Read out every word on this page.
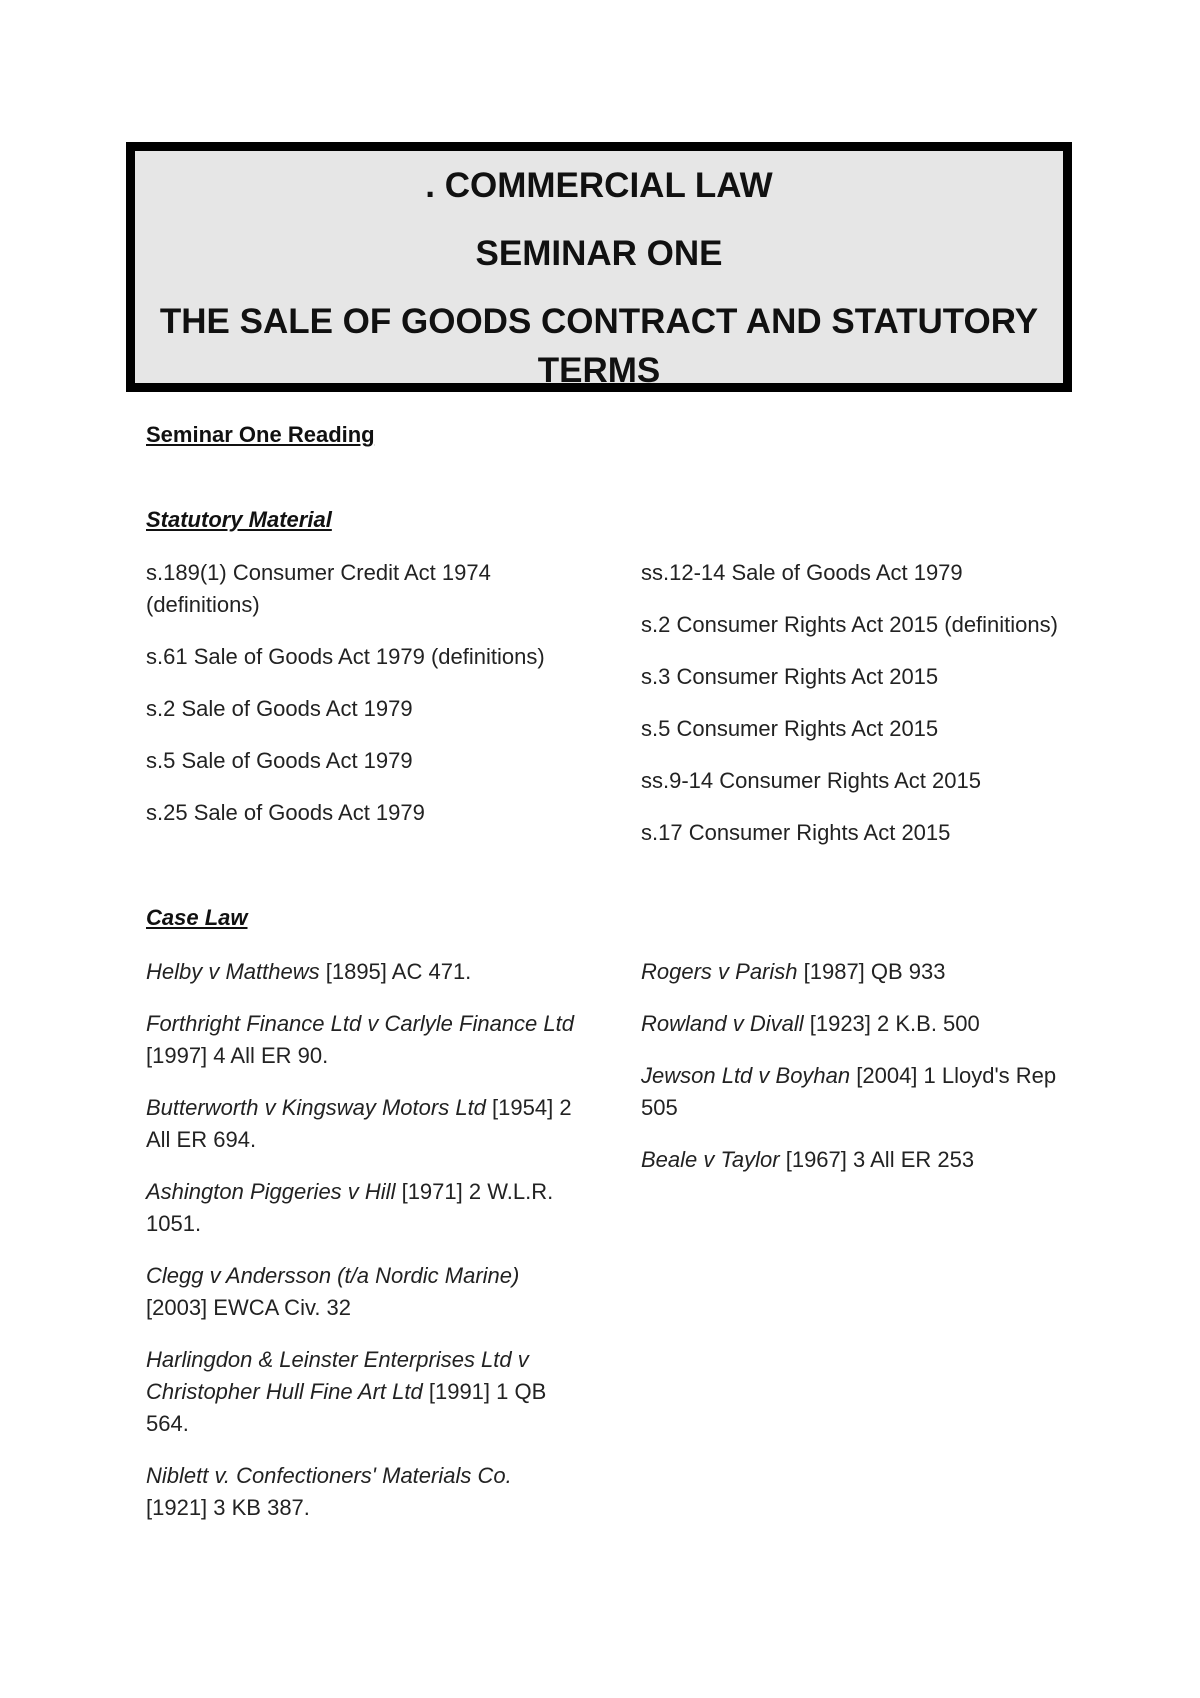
. COMMERCIAL LAW
SEMINAR ONE
THE SALE OF GOODS CONTRACT AND STATUTORY TERMS
Seminar One Reading
Statutory Material
s.189(1) Consumer Credit Act 1974 (definitions)
s.61 Sale of Goods Act 1979 (definitions)
s.2 Sale of Goods Act 1979
s.5 Sale of Goods Act 1979
s.25 Sale of Goods Act 1979
ss.12-14 Sale of Goods Act 1979
s.2 Consumer Rights Act 2015 (definitions)
s.3 Consumer Rights Act 2015
s.5 Consumer Rights Act 2015
ss.9-14 Consumer Rights Act 2015
s.17 Consumer Rights Act 2015
Case Law
Helby v Matthews [1895] AC 471.
Forthright Finance Ltd v Carlyle Finance Ltd [1997] 4 All ER 90.
Butterworth v Kingsway Motors Ltd [1954] 2 All ER 694.
Ashington Piggeries v Hill [1971] 2 W.L.R. 1051.
Clegg v Andersson (t/a Nordic Marine) [2003] EWCA Civ. 32
Harlingdon & Leinster Enterprises Ltd v Christopher Hull Fine Art Ltd [1991] 1 QB 564.
Niblett v. Confectioners' Materials Co. [1921] 3 KB 387.
Rogers v Parish [1987] QB 933
Rowland v Divall [1923] 2 K.B. 500
Jewson Ltd v Boyhan [2004] 1 Lloyd's Rep 505
Beale v Taylor [1967] 3 All ER 253
